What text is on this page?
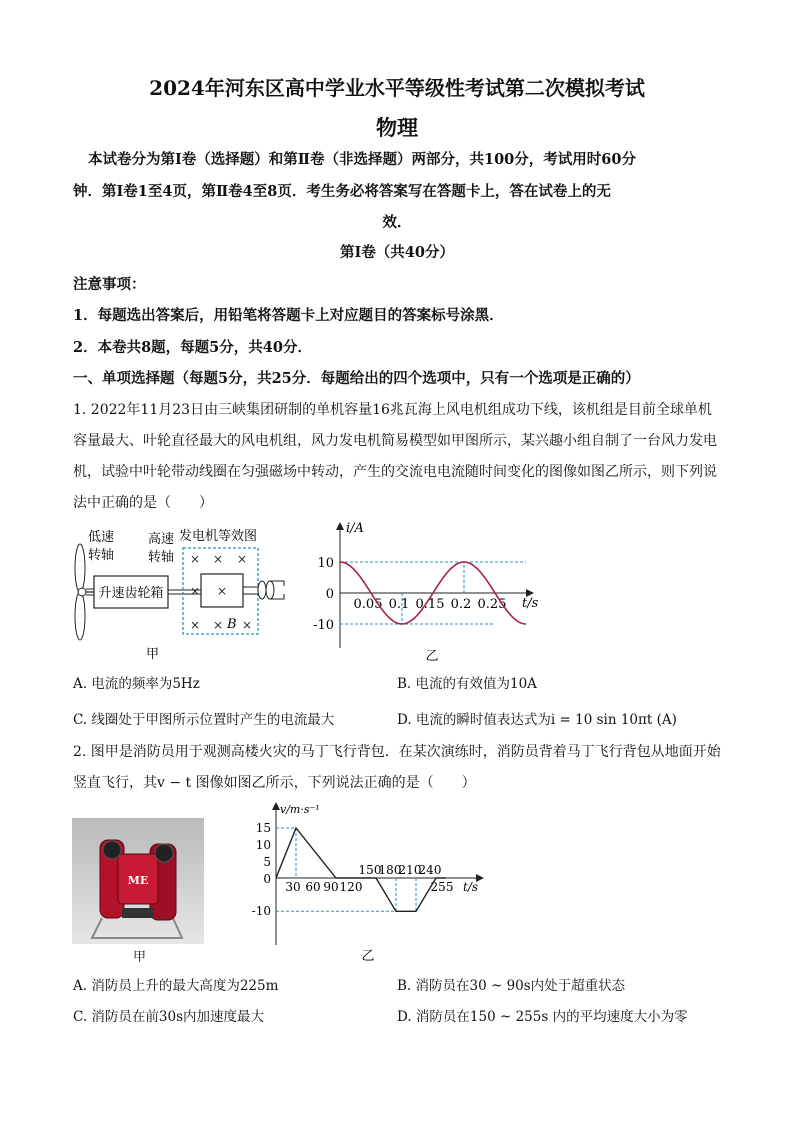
2024年河东区高中学业水平等级性考试第二次模拟考试
物理
本试卷分为第Ⅰ卷（选择题）和第Ⅱ卷（非选择题）两部分，共100分，考试用时60分
钟．第Ⅰ卷1至4页，第Ⅱ卷4至8页．考生务必将答案写在答题卡上，答在试卷上的无
效．
第Ⅰ卷（共40分）
注意事项：
1．每题选出答案后，用铅笔将答题卡上对应题目的答案标号涂黑．
2．本卷共8题，每题5分，共40分．
一、单项选择题（每题5分，共25分．每题给出的四个选项中，只有一个选项是正确的）
1. 2022年11月23日由三峡集团研制的单机容量16兆瓦海上风电机组成功下线，该机组是目前全球单机
容量最大、叶轮直径最大的风电机组，风力发电机简易模型如甲图所示，某兴趣小组自制了一台风力发电
机，试验中叶轮带动线圈在匀强磁场中转动，产生的交流电电流随时间变化的图像如图乙所示，则下列说
法中正确的是（　　）
升速齿轮箱
低速
转轴
高速
转轴
发电机等效图
× × ×
× ×
× × ×
B
甲
i/A
t/s
10
0
-10
0.05 0.1 0.15 0.2 0.25
乙
A. 电流的频率为5Hz	B. 电流的有效值为10A
C. 线圈处于甲图所示位置时产生的电流最大	D. 电流的瞬时值表达式为i = 10 sin 10πt (A)
2. 图甲是消防员用于观测高楼火灾的马丁飞行背包．在某次演练时，消防员背着马丁飞行背包从地面开始
竖直飞行，其v − t 图像如图乙所示，下列说法正确的是（　　）
ME
甲
v/m·s⁻¹
t/s
15
10
5
0
-10
30 60 90 120	255
150
180
210
240
乙
A. 消防员上升的最大高度为225m	B. 消防员在30 ~ 90s内处于超重状态
C. 消防员在前30s内加速度最大	D. 消防员在150 ~ 255s 内的平均速度大小为零
